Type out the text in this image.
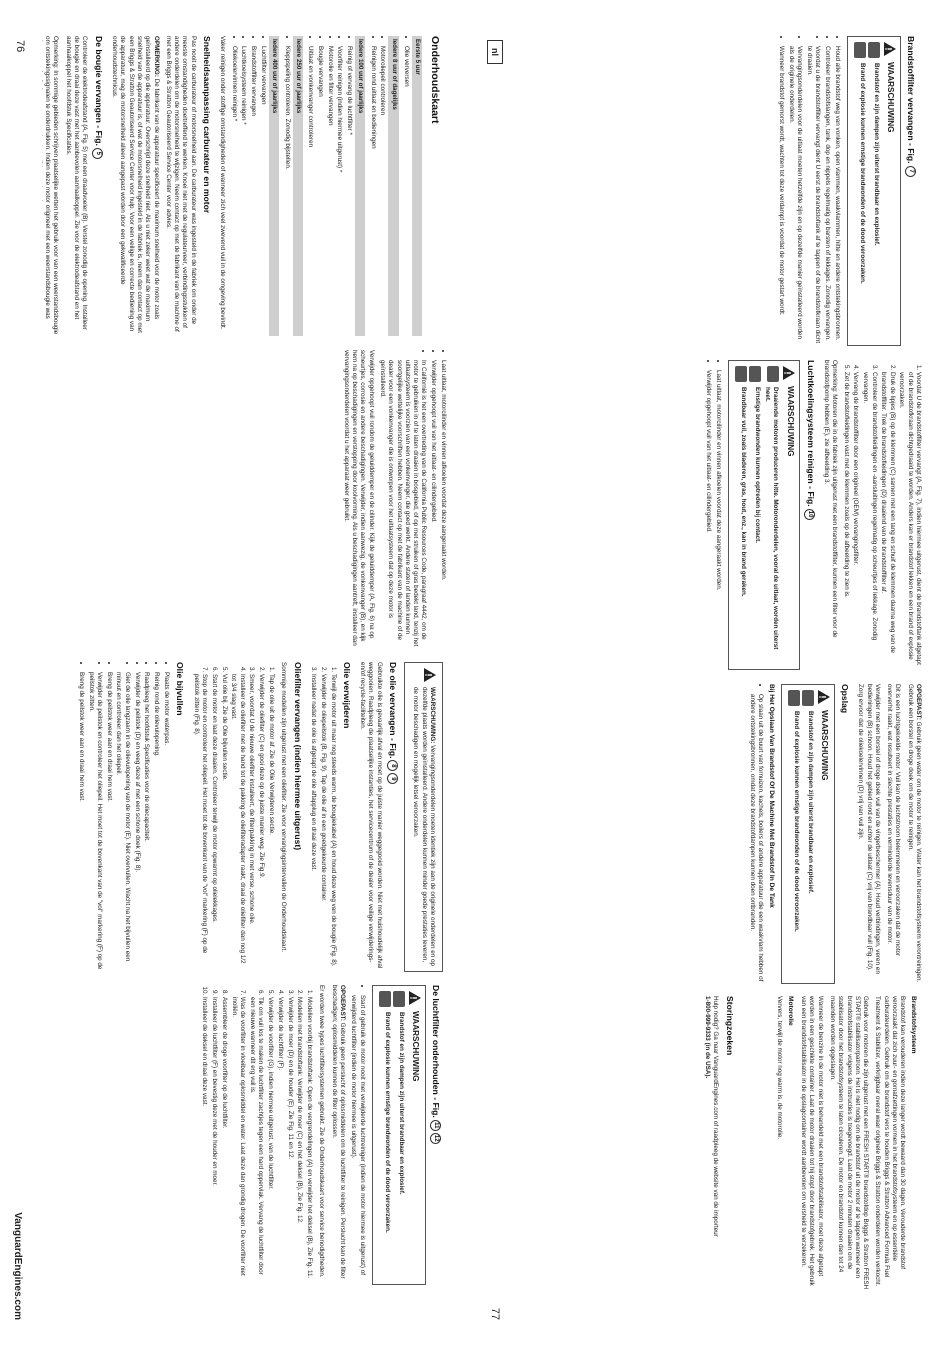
Onderhoudskaart
Eerste 5 uur
• Olie verversen
Iedere 8 uur of dagelijks
• Motoroliepeil controleren
• Reinigen rond uitlaat en bedieningen
Iedere 100 uur of jaarlijks
• Reinig of vervang de luchtfilter *
• Voorfilter reinigen (indien hiermee uitgerust) *
• Motorolie en filter vervangen
• Bougie vervangen
• Uitlaat en vonkenvanger controleren
Iedere 250 uur of jaarlijks
• Kleppspeling controleren. Zonodig bijstellen.
Iedere 400 uur of jaarlijks
• Luchtfilter vervangen
• Brandstoffilter vervangen
• Luchtkoelsysteem reinigen *
• Oliekoelervinnen reinigen *

Vaker reinigen onder stoffige omstandigheden of wanneer zich veel zwevend vuil in de omgeving bevindt.

Snelheidsaanpassing carburateur en motor

Pas nooit de carburateur of motorsnelheid aan. De carburateur was ingesteld in de fabriek om onder de meeste omstandigheden doeltreffend te werken. Knoei niet met de regulateurveer, verbindingsstukken of andere onderdelen om de motorsnelheid te wijzigen. Neem contact op met de fabrikant van de machine of met een Briggs & Stratton Geautoriseerd Service Center voor advies.

OPMERKING: De fabrikant van de apparatuur specificeert de maximum snelheid voor de motor zoals geïnstalleerd op die apparatuur. Overschrijd deze snelheid niet. Als u niet zeker weet wat de maximum snelheid van de apparatuur is, of wat de motorsnelheid ingesteld in de fabriek is, neem dan contact op met een Briggs & Stratton Geautoriseerd Service Center voor hulp. Voor een veilige en correcte bediening van de apparatuur, mag de motorsnelheid alleen aangepast worden door een gekwalificeerde onderhoudstechnicus.

De bougie vervangen - Fig.5

Controleer de elektrodeafstand (A, Fig. 5) met een draadvoeler (B). Verstel zonodig de opening. Installeer de bougie en draai deze vast met het aanbevolen aanhaalkoppel. Zie voor de elektrodeafstand en het aanhaalkoppel het hoofdstuk Specificaties.

Opmerking: In sommige gebieden schrijven plaatselijke wetten het gebruik voor van een weerstandsbougie om ontstekingssignalen te onderdrukken. Indien deze motor origineel met een weerstandsbougie was

• Laat uitlaat, motorcilinder en vinnen afkoelen voordat deze aangeraakt worden.
• Verwijder opgehoopt vuil van het uitlaat- en cilindergebied.
• In Californië is het een overtreding van de California Public Resources Code, paragraaf 4442, om de motor te gebruiken in of te laten draaien in bosgebied, of op met struiken of gras bedekt land, tenzij het uitlaatsysteem is voorzien van een vonkenvanger, die goed werkt. Andere staten of landen kunnen soortgelijke wettelijke voorschriften hebben. Neem contact op met de fabrikant van de machine of de dealer voor een vonkenvanger die is ontworpen voor het uitlaatsysteem dat op deze motor is geïnstalleerd.

Verwijder opgehoopt vuil rondom de geluiddemper en de cilinder. Kijk de geluiddemper (A, Fig. 6) na op scheurtjes, corrosie en andere beschadigingen. Verwijder, indien aanwezig, de vonkenvanger (B), en kijk hem na op beschadigingen en verstopping door koolvorming. Als u beschadigingen aantreft, installeer dan vervangingsonderdelen voordat u het apparaat weer gebruikt.

WAARSCHUWING: Vervangingsonderdelen moeten identiek zijn aan de originele onderdelen en op dezelfde plaats worden geïnstalleerd. Andere onderdelen kunnen minder goede prestaties leveren, de motor beschadigen en mogelijk letsel veroorzaken.
De olie vervangen - Fig.89

Gebruikte olie is gevaarlijk afval en moet op de juiste manier weggegooid worden. Niet met huishoudelijk afval weggooien. Raadpleeg de plaatselijke instanties, het servicecentrum of de dealer voor veilige verwijderings- en/of recycle-faciliteiten.

Olie verwijderen
1. Terwijl de motor uit maar nog steeds warm, de bougiekabel (A) en houd deze weg van de bougie (Fig. 8).
2. Verwijder de oliepeilstok (B, Fig. 9). Tap de olie af in een goedgekeurde container.
3. Installeer nadat de olie is afgetapt de olie aftapplug en draai deze vast.
Oliefilter vervangen (indien hiermee uitgerust)

Sommige modellen zijn uitgerust met een oliefilter. Zie voor vervangingsintervallen de Onderhoudskaart.

1. Tap de olie uit de motor af. Zie de Olie Verwijderen sectie.
2. Verwijder de oliefilter (C) en gooi deze op de juiste manier weg. Zie Fig.9.
3. Smeer, voordat U de nieuwe oliefilter installeert, de filterpakking in met verse, schone olie.
4. Installeer de oliefilter met de hand tot de pakking de oliefilteradapter raakt, draai de oliefilter dan nog 1/2 tot 3/4 slag vast.
5. Vul olie bij. Zie de Olie bijvullen sectie.
6. Start de motor en laat deze draaien. Controleer terwijl de motor opwarmt op olielekkages.
7. Stop de motor en controleer het oliepeil. Het moet tot de bovenkant van de "vol" markering (F) op de peilstok zitten (Fig. 8).
Olie bijvullen
• Plaats de motor waterpas.
• Reinig rond de olievulopening.
• Raadpleeg het hoofdstuk Specificaties voor de oliecapaciteit.
• Verwijder de peilstok (D) en veeg deze af met een schone doek (Fig. 8).
• Giet de olie langzaam in de olievulopening van de motor (E). Niet overvullen. Wacht na het bijvullen een minuut en controleer dan het oliepeil.
• Breng de peilstok weer aan en draai hem vast.
• Verwijder de peilstok en controleer het oliepeil. Het moet tot de bovenkant van de "vol" markering (F) op de peilstok zitten.
• Breng de peilstok weer aan en draai hem vast.
De luchtfilter onderhouden - Fig.1112
WAARSCHUWING
Brandstof en zijn dampen zijn uiterst brandbaar en explosief.
Brand of explosie kunnen ernstige brandwonden of de dood veroorzaken.
• Start of gebruik de motor nooit met verwijderde luchtreiniger (indien de motor hiermee is uitgerust) of verwijderd luchtfilter (indien de motor hiermee is uitgerust).

OPGEPAST: Gebruik geen perslucht of oplosmiddelen om de luchtfilter te reinigen. Perslucht kan de filter beschadigen; oplosmiddelen kunnen de filter oplossen.

Er worden twee types luchtfiltersystemen gebruikt. Zie de Onderhoudskaart voor service benodigdheden.

1. Modellen voorbij brandstoftank: Open de vergrendelingen (A) en verwijder het deksel (B), Zie Fig. 11.
2. Modellen met brandstoftank: Verwijder de moer (C) en het deksel (B), Zie Fig. 12.
3. Verwijder de moer (D) en de houder (E). Zie Fig. 11 en 12.
4. Verwijder de luchtfilter (F).
5. Verwijder de voorfilter (G), indien hiermee uitgerust, van de luchtfilter.
6. Tik om vuil los te maken de luchtfilter zachtjes tegen een hard oppervlak. Vervang de luchtfilter door een nieuwe wanneer dit erg vuil is.
7. Was de voorfilter in vloeibaar oplosmiddel en water. Laat deze dan grondig drogen. De voorfilter niet inoliën.
8. Assembleer de droge voorfilter op de luchtfilter.
9. Installeer de luchtfilter (F) en bevestig deze met de houder en moer.
10. Installeer de deksel en draai deze vast.
76
VanguardEngines.com
Brandstoffilter vervangen - Fig.7
WAARSCHUWING
Brandstof en zijn dampen zijn uiterst brandbaar en explosief.
Brand of explosie kunnen ernstige brandwonden of de dood veroorzaken.
• Houd alle brandstof weg van vonken, open vlammen, waakvlammen, hitte en andere ontstekingsbronnen.
• Controleer brandstofslangen, tank, dop en nippels regelmatig op barsten of lekkages. Zonodig vervangen.
• Voordat u de brandstoffilter vervangt dient U eerst de brandstoftank af te tappen of de brandstofkraan dicht te draaien.
• Vervangingsonderdelen voor de uitlaat moeten hetzelfde zijn en op dezelfde manier geïnstalleerd worden als de originele onderdelen.
• Wanneer brandstof gemorst wordt, wachten tot deze verdampt is voordat de motor gestart wordt.
1. Voordat U de brandstoffilter vervangt (A, Fig. 7), indien hiermee uitgerust, dient de brandstoftank afgetapt of de brandstofkraan dichtgedraaid te worden. Anders kan er brandstof lekken en een brand of explosie veroorzaken.
2. Druk de lipjes (B) op de klemmen (C) samen met een tang en schuif de klemmen daarna weg van de brandstoffilter. Trek de brandstofleidingen (D) draaiend van de brandstoffilter af.
3. Controleer de brandstofleidingen en -aansluitingen regelmatig op scheurtjes of lekkage. Zonodig vervangen.
4. Vervang de brandstoffilter door een origineel (OEM) vervangingsfilter.
5. Zet de brandstofleidingen vast met de klemmen zoals op de afbeelding te zien is.

Opmerking: Motoren die in de fabriek zijn uitgerust met een brandstoffilter, kunnen een filter voor de brandstofpomp hebben (E), zie afbeelding 3.

Luchtkoelingsysteem reinigen - Fig.10
WAARSCHUWING
Draaiende motoren produceren hitte. Motoronderdelen, vooral de uitlaat, worden uiterst heet.
Ernstige brandwonden kunnen optreden bij contact.
Brandbaar vuil, zoals bladeren, gras, hout, enz., kan in brand geraken.
• Laat uitlaat, motorcilinder en vinnen afkoelen voordat deze aangeraakt worden.
• Verwijder opgehoopt vuil van het uitlaat- en cilindergebied.

OPGEPAST: Gebruik geen water om de motor te reinigen. Water kan het brandstofsysteem verontreinigen. Gebruik een borstel en droge doek om de motor te reinigen.

Dit is een luchtgekoelde motor. Vuil kan de luchtstroom belemmeren en veroorzaken dat de motor oververhit raakt, wat resulteert in slechte prestaties en verminderde levensduur van de motor.

Verwijder met een borstel of droge doek vuil van de vingerbeschermer (A). Houd verbindingen, veren en bedieningen (B) schoon. Houd het gebied rond en achter de uitlaat (C) vrij van brandbaar vuil (Fig. 10). Zorg ervoor dat de oliekoelervinnen (D) vrij van vuil zijn.

Opslag
WAARSCHUWING
Brandstof en zijn dampen zijn uiterst brandbaar en explosief.
Brand of explosie kunnen ernstige brandwonden of de dood veroorzaken.
Bij Het Opslaan Van Brandstof Of De Machine Met Brandstof In De Tank
• Op slaan uit de buurt van fornuizen, kachels, boilers of andere apparatuur die een waakvlam hebben of andere ontstekingsbronnen, omdat deze brandstofdampen kunnen doen ontbranden.
Brandstofsysteem

Brandstof kan verouderen indien deze langer wordt bewaard dan 30 dagen. Verouderde brandstof veroorzaakt dat zich zuur- en gomafzettingen vormen in het brandstofsysteem en op essentiële carburateurdelen. Gebruik om de brandstof vers te houden Briggs & Stratton Advanced Formula Fuel Treatment & Stabilizer, verkrijgbaar overal waar originele Briggs & Stratton onderdelen worden verkocht.

Gebruik voor motoren die zijn uitgerust met een FRESH START® brandstofdop Briggs & Stratton FRESH START® stabilisatorpatroon. Het is niet nodig om de brandstof uit de motor af te tappen wanneer een brandstofstabilisator volgens de instructies is toegevoegd. Laat de motor 2 minuten draaien om de stabilisator door het brandstofsysteem te laten circuleren. De motor en brandstof kunnen dan tot 24 maanden worden opgeslagen.

Wanneer de benzine in de motor niet is behandeld met een brandstofstabilisator, moet deze afgetapt worden in een geschikte container. Laat de motor draaien tot hij stopt door brandstofgebrek. Het gebruik van een brandstofstabilisator in de opslagcontainer wordt aanbevolen om versheid te verzekeren.

Motorolie

Ververs, terwijl de motor nog warm is, de motorolie.

Storingzoeken

Hulp nodig? Ga naar VanguardEngines.com of raadpleeg de website van de importeur
1-800-999-9333 (in de USA).

nl
77
